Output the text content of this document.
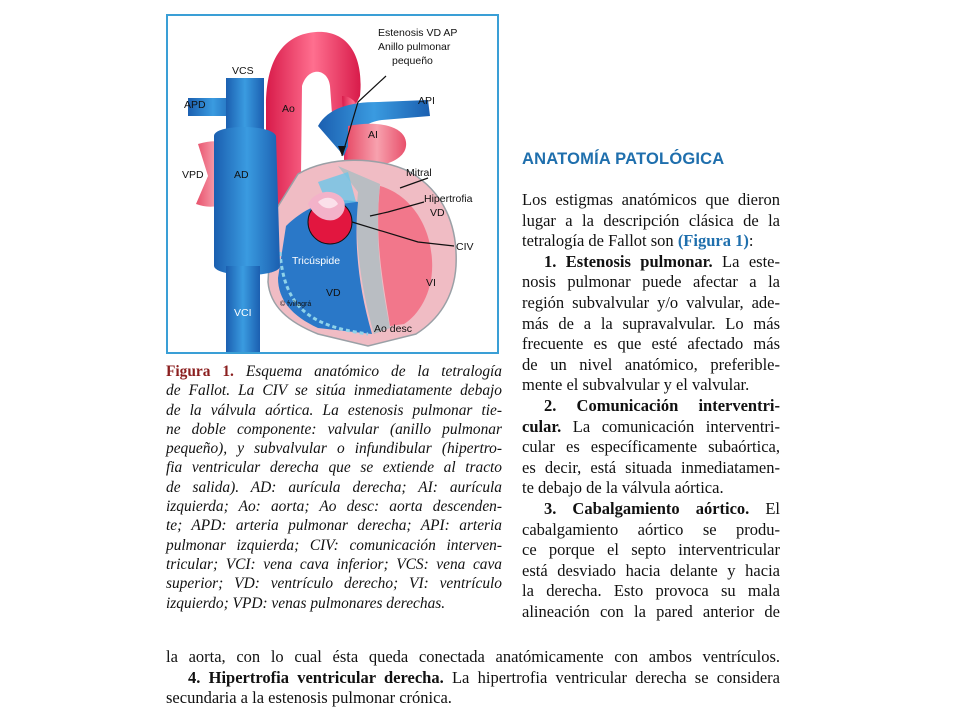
Estenosis VD AP
Anillo pulmonar
pequeño
VCS
APD	Ao
API
AI
VPD	AD	Mitral
Hipertrofia
VD
CIV
Tricúspide
VI
VD
VCI
Ao desc
© fvillagrá
Figura 1. Esquema anatómico de la tetralogía
de Fallot. La CIV se sitúa inmediatamente debajo
de la válvula aórtica. La estenosis pulmonar tie-
ne doble componente: valvular (anillo pulmonar
pequeño), y subvalvular o infundibular (hipertro-
fia ventricular derecha que se extiende al tracto
de salida). AD: aurícula derecha; AI: aurícula
izquierda; Ao: aorta; Ao desc: aorta descenden-
te; APD: arteria pulmonar derecha; API: arteria
pulmonar izquierda; CIV: comunicación interven-
tricular; VCI: vena cava inferior; VCS: vena cava
superior; VD: ventrículo derecho; VI: ventrículo
izquierdo; VPD: venas pulmonares derechas.
ANATOMÍA PATOLÓGICA
Los estigmas anatómicos que dieron
lugar a la descripción clásica de la
tetralogía de Fallot son (Figura 1):
1. Estenosis pulmonar. La este-
nosis pulmonar puede afectar a la
región subvalvular y/o valvular, ade-
más de a la supravalvular. Lo más
frecuente es que esté afectado más
de un nivel anatómico, preferible-
mente el subvalvular y el valvular.
2. Comunicación interventri-
cular. La comunicación interventri-
cular es específicamente subaórtica,
es decir, está situada inmediatamen-
te debajo de la válvula aórtica.
3. Cabalgamiento aórtico. El
cabalgamiento aórtico se produ-
ce porque el septo interventricular
está desviado hacia delante y hacia
la derecha. Esto provoca su mala
alineación con la pared anterior de
la aorta, con lo cual ésta queda conectada anatómicamente con ambos ventrículos.
4. Hipertrofia ventricular derecha. La hipertrofia ventricular derecha se considera
secundaria a la estenosis pulmonar crónica.
